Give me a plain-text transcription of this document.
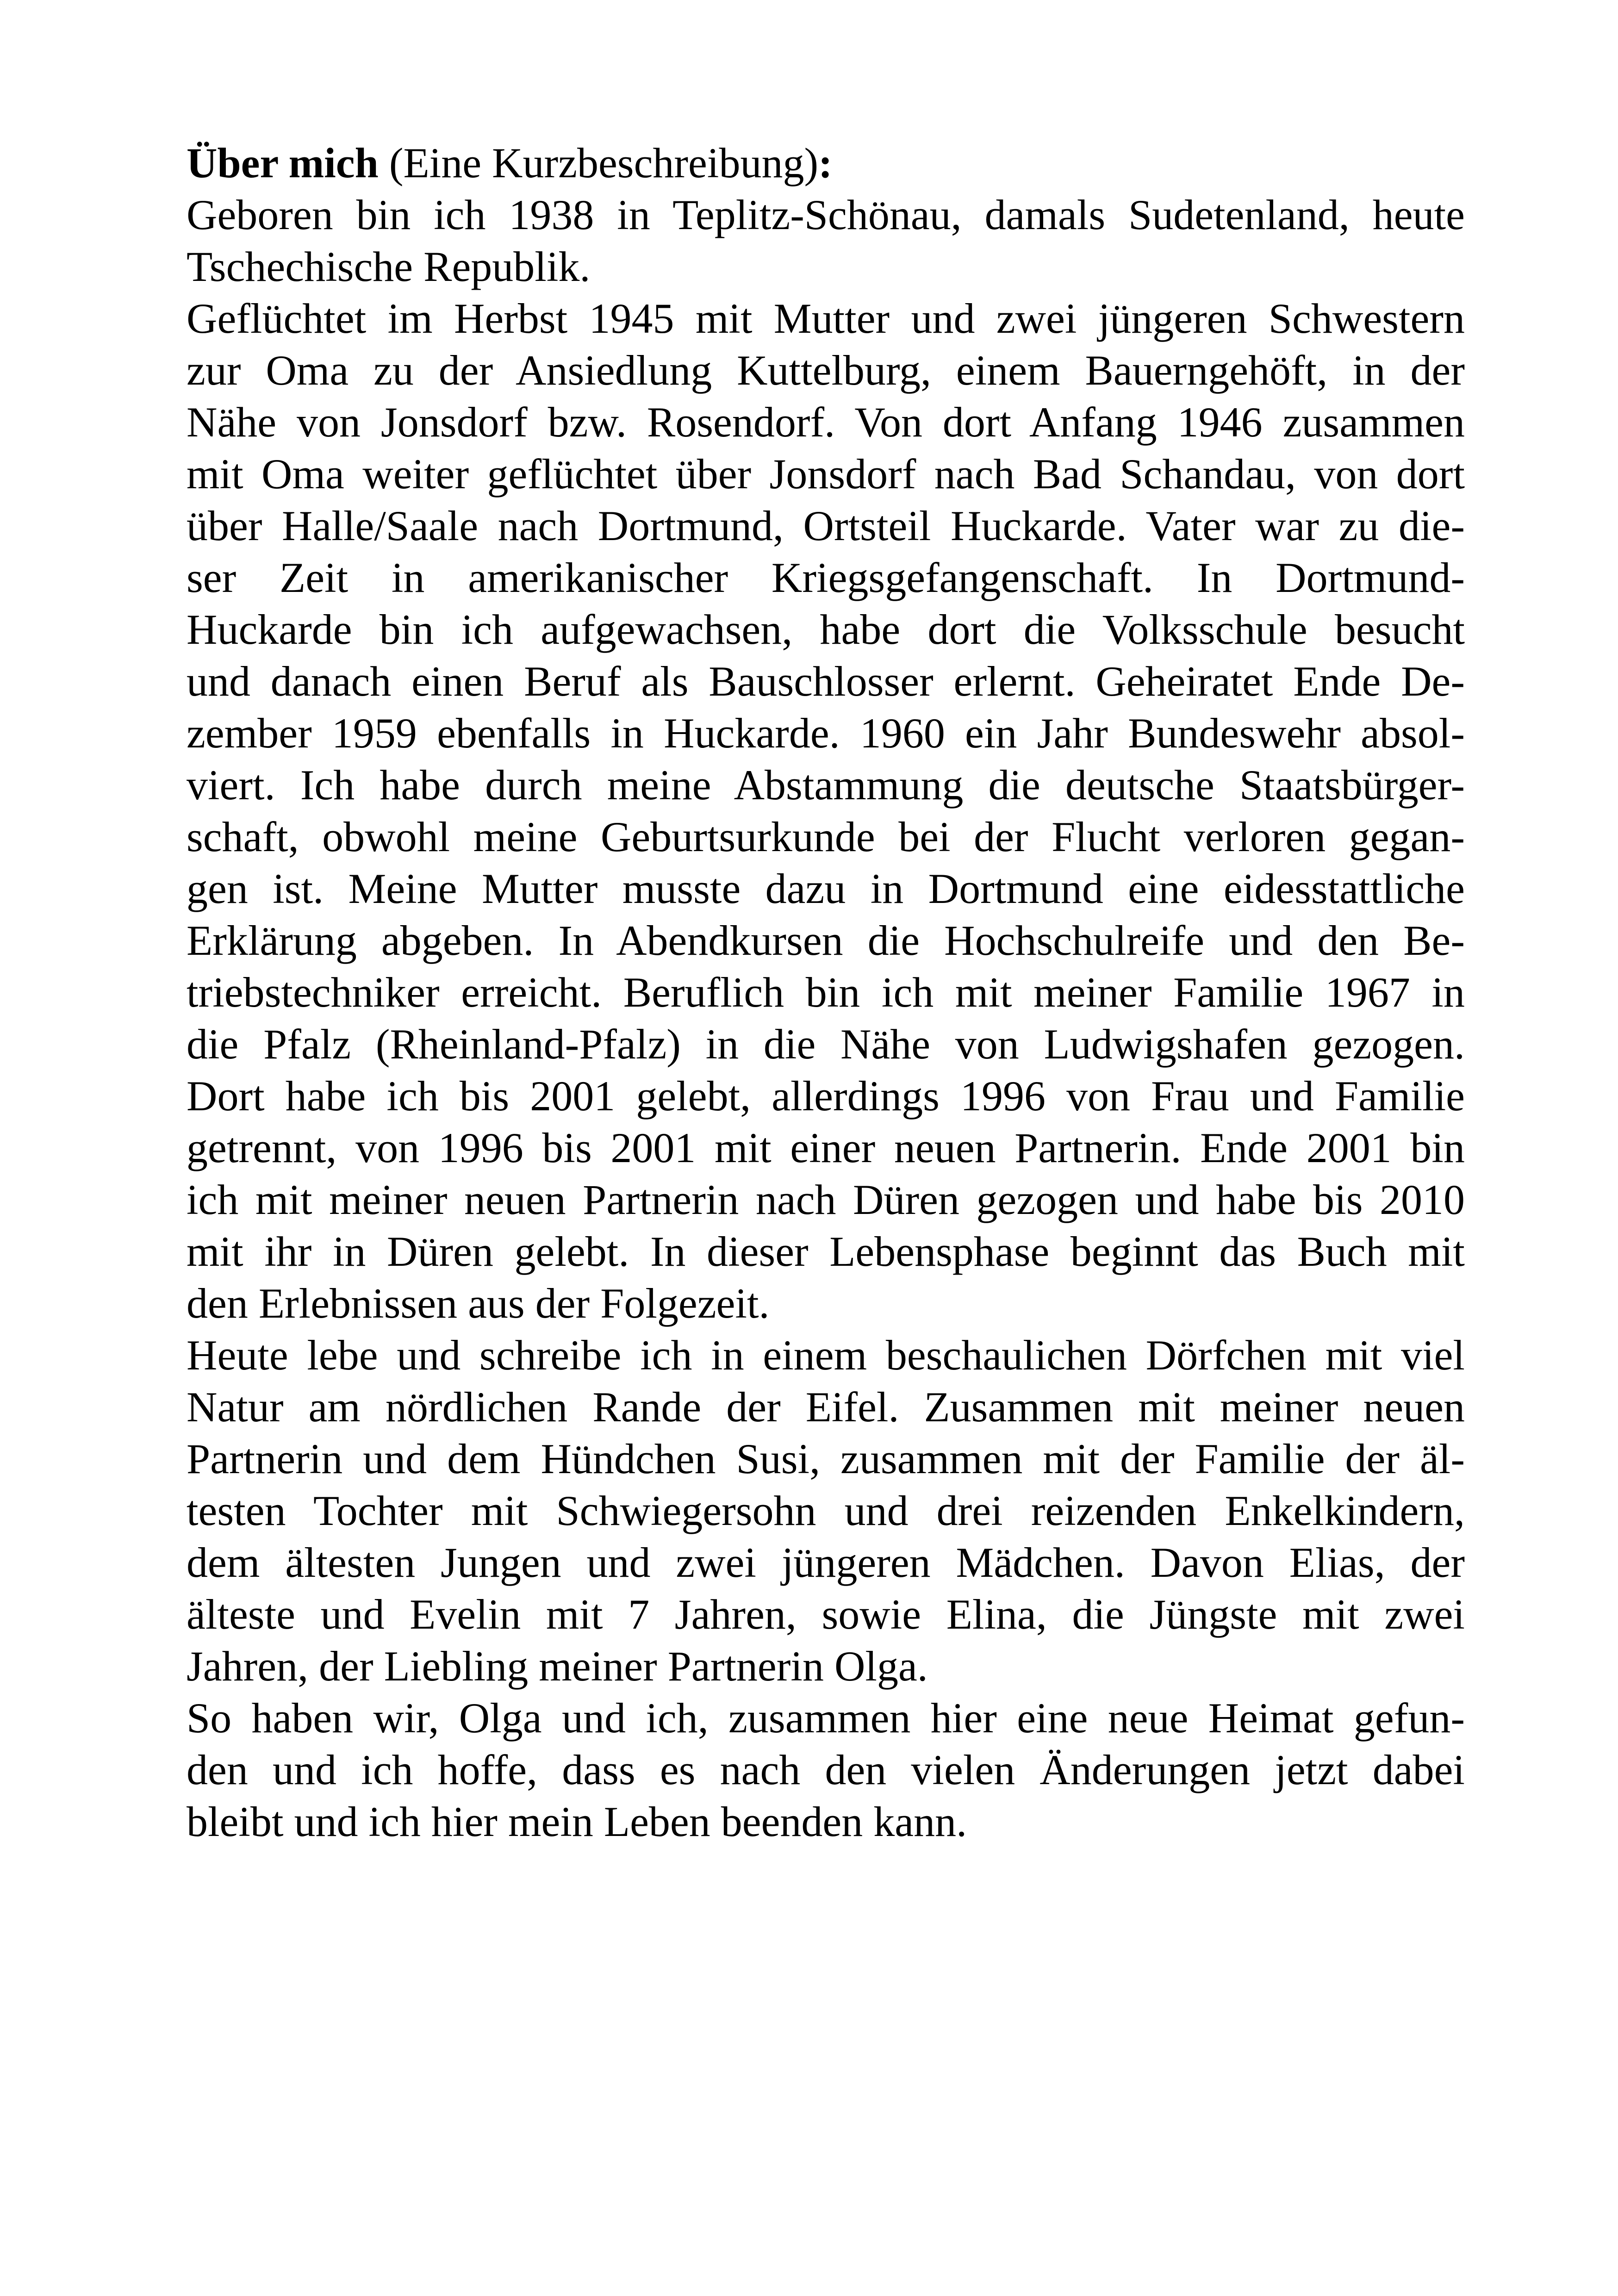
Über mich (Eine Kurzbeschreibung):
Geboren bin ich 1938 in Teplitz-Schönau, damals Sudetenland, heute
Tschechische Republik.
Geflüchtet im Herbst 1945 mit Mutter und zwei jüngeren Schwestern
zur Oma zu der Ansiedlung Kuttelburg, einem Bauerngehöft, in der
Nähe von Jonsdorf bzw. Rosendorf. Von dort Anfang 1946 zusammen
mit Oma weiter geflüchtet über Jonsdorf nach Bad Schandau, von dort
über Halle/Saale nach Dortmund, Ortsteil Huckarde. Vater war zu die-
ser Zeit in amerikanischer Kriegsgefangenschaft. In Dortmund-
Huckarde bin ich aufgewachsen, habe dort die Volksschule besucht
und danach einen Beruf als Bauschlosser erlernt. Geheiratet Ende De-
zember 1959 ebenfalls in Huckarde. 1960 ein Jahr Bundeswehr absol-
viert. Ich habe durch meine Abstammung die deutsche Staatsbürger-
schaft, obwohl meine Geburtsurkunde bei der Flucht verloren gegan-
gen ist. Meine Mutter musste dazu in Dortmund eine eidesstattliche
Erklärung abgeben. In Abendkursen die Hochschulreife und den Be-
triebstechniker erreicht. Beruflich bin ich mit meiner Familie 1967 in
die Pfalz (Rheinland-Pfalz) in die Nähe von Ludwigshafen gezogen.
Dort habe ich bis 2001 gelebt, allerdings 1996 von Frau und Familie
getrennt, von 1996 bis 2001 mit einer neuen Partnerin. Ende 2001 bin
ich mit meiner neuen Partnerin nach Düren gezogen und habe bis 2010
mit ihr in Düren gelebt. In dieser Lebensphase beginnt das Buch mit
den Erlebnissen aus der Folgezeit.
Heute lebe und schreibe ich in einem beschaulichen Dörfchen mit viel
Natur am nördlichen Rande der Eifel. Zusammen mit meiner neuen
Partnerin und dem Hündchen Susi, zusammen mit der Familie der äl-
testen Tochter mit Schwiegersohn und drei reizenden Enkelkindern,
dem ältesten Jungen und zwei jüngeren Mädchen. Davon Elias, der
älteste und Evelin mit 7 Jahren, sowie Elina, die Jüngste mit zwei
Jahren, der Liebling meiner Partnerin Olga.
So haben wir, Olga und ich, zusammen hier eine neue Heimat gefun-
den und ich hoffe, dass es nach den vielen Änderungen jetzt dabei
bleibt und ich hier mein Leben beenden kann.
